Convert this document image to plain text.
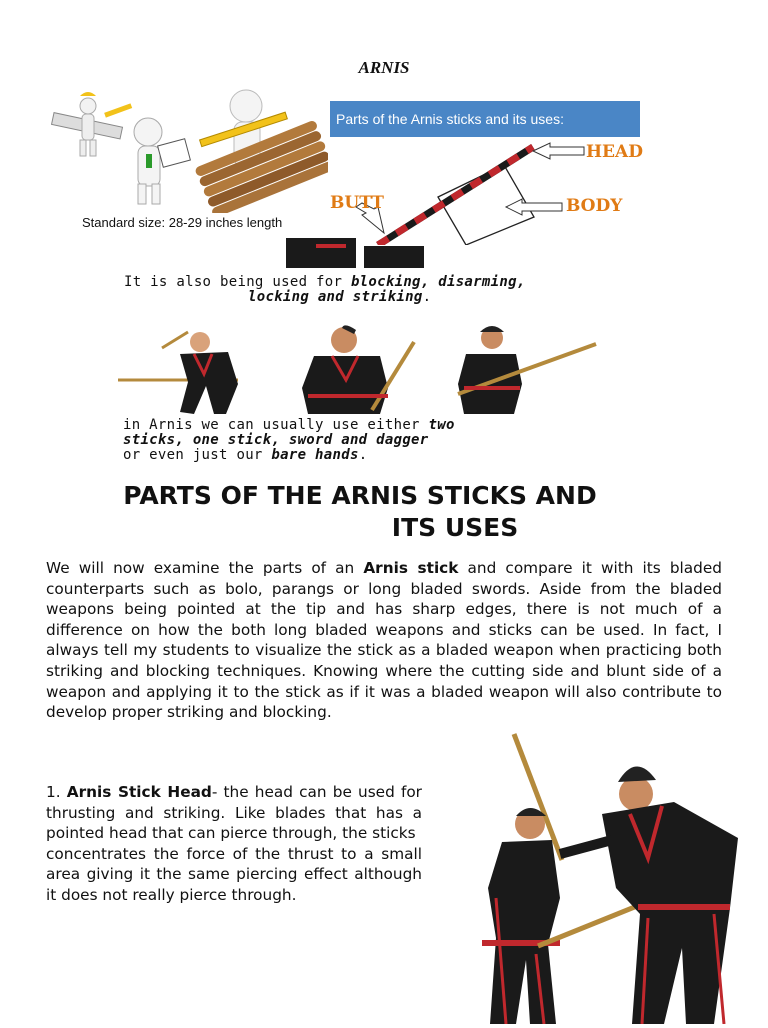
ARNIS
Standard size: 28-29 inches length
Parts of the Arnis sticks and its uses:
HEAD
BUTT	BODY
It is also being used for blocking, disarming,
locking and striking.
in Arnis we can usually use either two
sticks, one stick, sword and dagger
or even just our bare hands.
PARTS OF THE ARNIS STICKS AND
ITS USES
We will now examine the parts of an Arnis stick and compare it with its bladed counterparts such as bolo, parangs or long bladed swords. Aside from the bladed weapons being pointed at the tip and has sharp edges, there is not much of a difference on how the both long bladed weapons and sticks can be used. In fact, I always tell my students to visualize the stick as a bladed weapon when practicing both striking and blocking techniques. Knowing where the cutting side and blunt side of a weapon and applying it to the stick as if it was a bladed weapon will also contribute to develop proper striking and blocking.
1. Arnis Stick Head- the head can be used for thrusting and striking. Like blades that has a pointed head that can pierce through, the sticks
concentrates the force of the thrust to a small area giving it the same piercing effect although it does not really pierce through.
